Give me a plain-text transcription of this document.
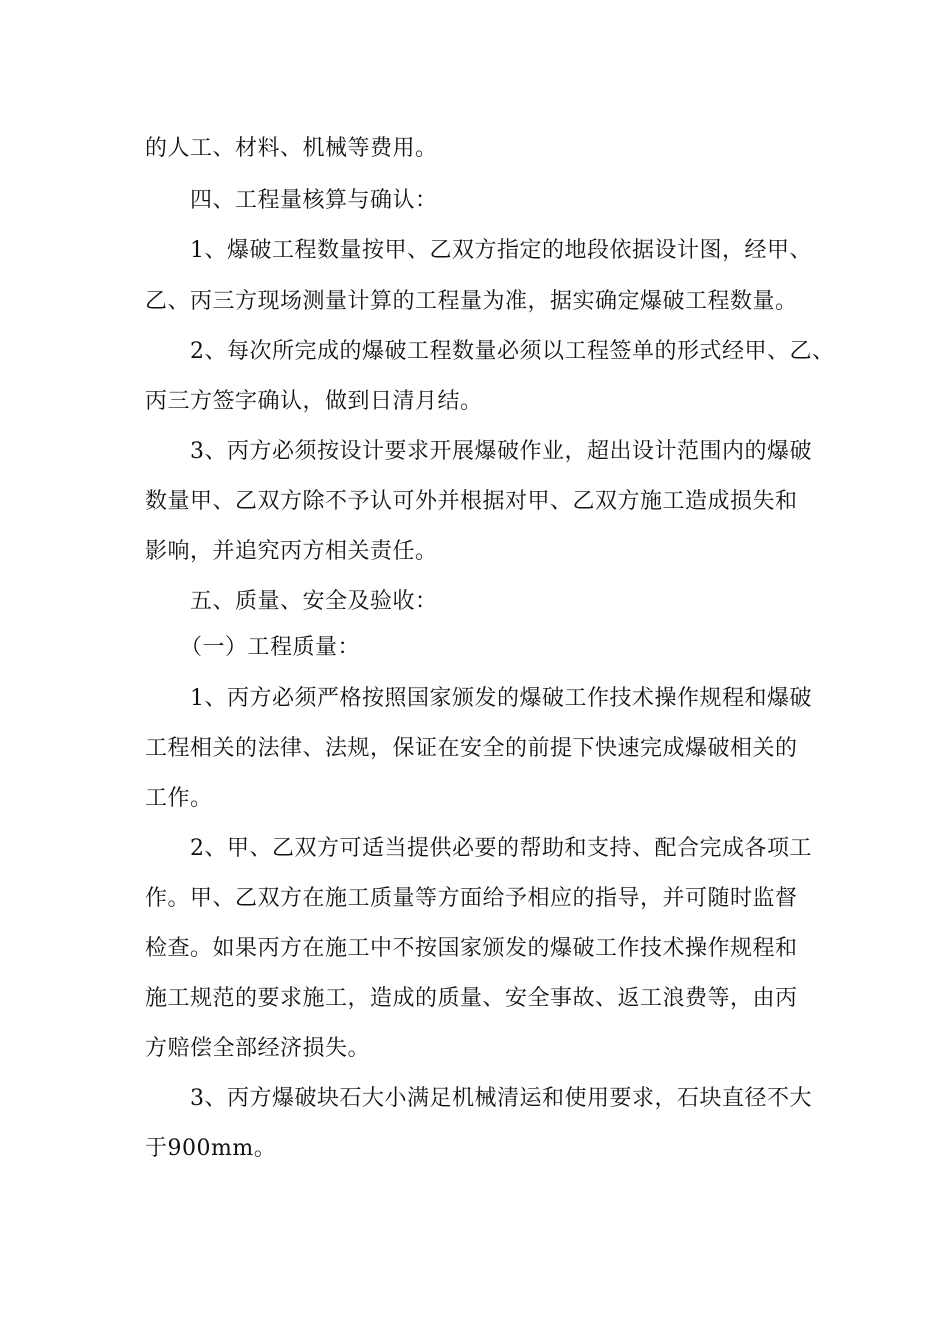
的人工、材料、机械等费用。
四、工程量核算与确认：
1、爆破工程数量按甲、乙双方指定的地段依据设计图，经甲、
乙、丙三方现场测量计算的工程量为准，据实确定爆破工程数量。
2、每次所完成的爆破工程数量必须以工程签单的形式经甲、乙、
丙三方签字确认，做到日清月结。
3、丙方必须按设计要求开展爆破作业，超出设计范围内的爆破
数量甲、乙双方除不予认可外并根据对甲、乙双方施工造成损失和
影响，并追究丙方相关责任。
五、质量、安全及验收：
（一）工程质量：
1、丙方必须严格按照国家颁发的爆破工作技术操作规程和爆破
工程相关的法律、法规，保证在安全的前提下快速完成爆破相关的
工作。
2、甲、乙双方可适当提供必要的帮助和支持、配合完成各项工
作。甲、乙双方在施工质量等方面给予相应的指导，并可随时监督
检查。如果丙方在施工中不按国家颁发的爆破工作技术操作规程和
施工规范的要求施工，造成的质量、安全事故、返工浪费等，由丙
方赔偿全部经济损失。
3、丙方爆破块石大小满足机械清运和使用要求，石块直径不大
于900mm。
